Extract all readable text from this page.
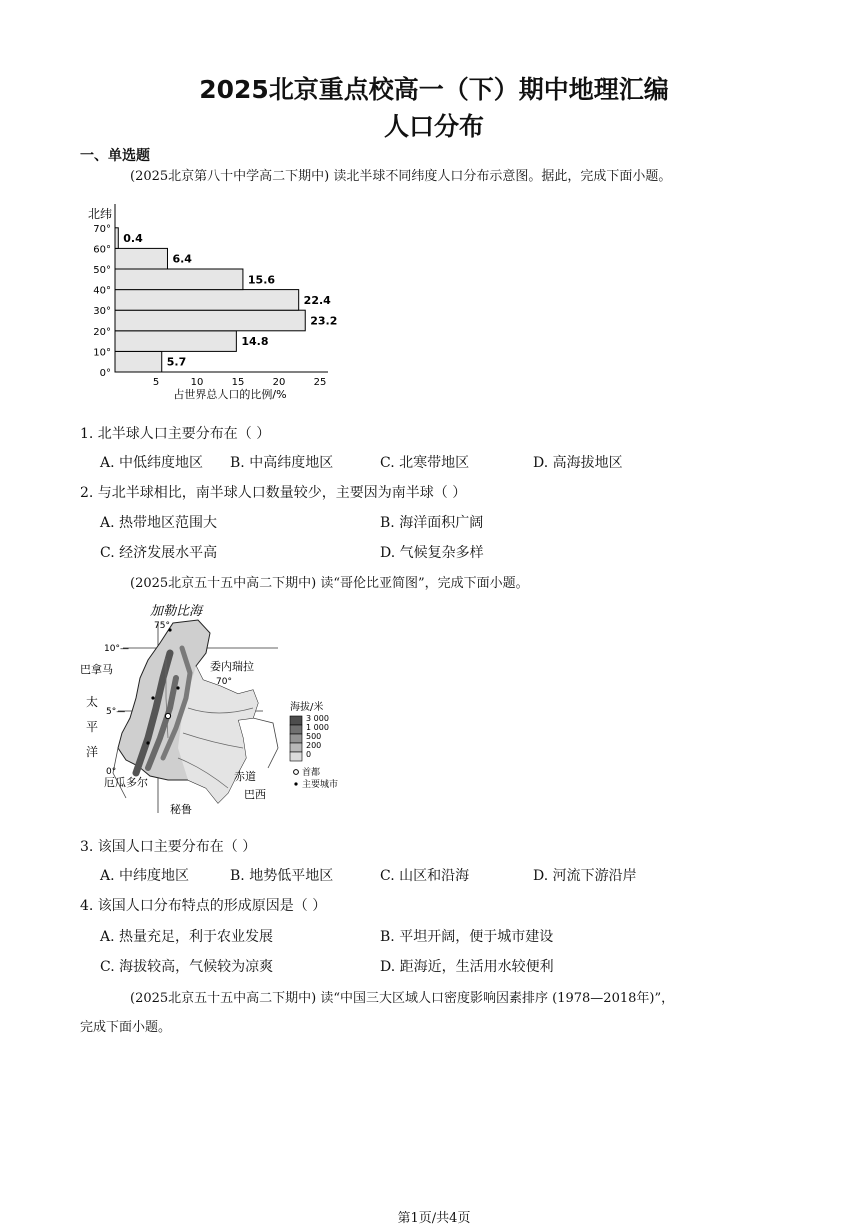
2025北京重点校高一（下）期中地理汇编
人口分布
一、单选题
(2025北京第八十中学高二下期中) 读北半球不同纬度人口分布示意图。据此，完成下面小题。
北纬
5.7
14.8
23.2
22.4
15.6
6.4
0.4
0°
10°
20°
30°
40°
50°
60°
70°
5	10	15	20	25
占世界总人口的比例/%
1. 北半球人口主要分布在（ ）
A. 中低纬度地区 B. 中高纬度地区	C. 北寒带地区	D. 高海拔地区
2. 与北半球相比，南半球人口数量较少，主要因为南半球（ ）
A. 热带地区范围大	B. 海洋面积广阔
C. 经济发展水平高	D. 气候复杂多样
(2025北京五十五中高二下期中) 读“哥伦比亚简图”，完成下面小题。
加勒比海
75°
10°—
5°—
巴拿马	委内瑞拉
70°
太
平
洋
厄瓜多尔
0°
秘鲁
赤道
巴西
海拔/米
3 000
1 000
500
200
0
首都
主要城市
3. 该国人口主要分布在（ ）
A. 中纬度地区	B. 地势低平地区	C. 山区和沿海	D. 河流下游沿岸
4. 该国人口分布特点的形成原因是（ ）
A. 热量充足，利于农业发展	B. 平坦开阔，便于城市建设
C. 海拔较高，气候较为凉爽	D. 距海近，生活用水较便利
(2025北京五十五中高二下期中) 读“中国三大区域人口密度影响因素排序 (1978—2018年)”，
完成下面小题。
第1页/共4页
